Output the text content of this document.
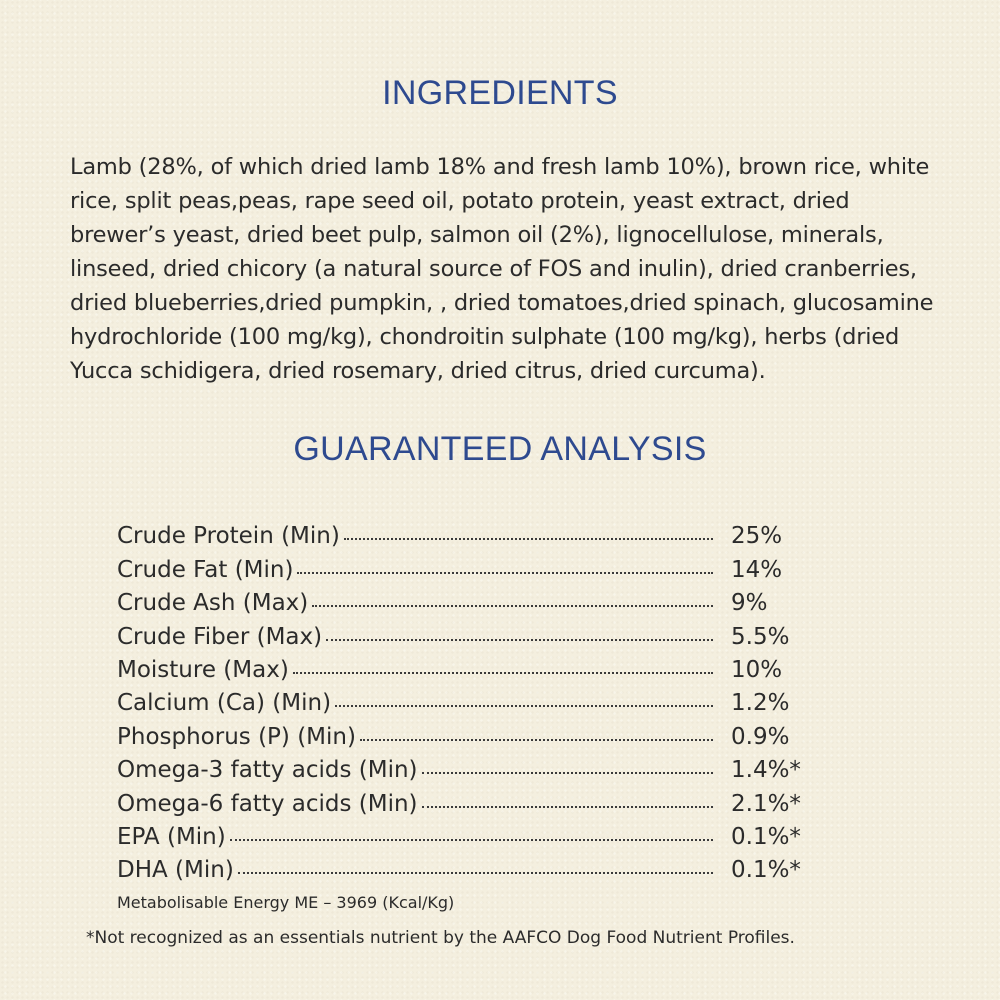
INGREDIENTS

Lamb (28%, of which dried lamb 18% and fresh lamb 10%), brown rice, white rice, split peas,peas, rape seed oil, potato protein, yeast extract, dried brewer’s yeast, dried beet pulp, salmon oil (2%), lignocellulose, minerals, linseed, dried chicory (a natural source of FOS and inulin), dried cranberries, dried blueberries,dried pumpkin, , dried tomatoes,dried spinach, glucosamine hydrochloride (100 mg/kg), chondroitin sulphate (100 mg/kg), herbs (dried Yucca schidigera, dried rosemary, dried citrus, dried curcuma).

GUARANTEED ANALYSIS
Crude Protein (Min)	25%
Crude Fat (Min)	14%
Crude Ash (Max)	9%
Crude Fiber (Max)	5.5%
Moisture (Max)	10%
Calcium (Ca) (Min)	1.2%
Phosphorus (P) (Min)	0.9%
Omega-3 fatty acids (Min)	1.4%*
Omega-6 fatty acids (Min)	2.1%*
EPA (Min)	0.1%*
DHA (Min)	0.1%*

Metabolisable Energy ME – 3969 (Kcal/Kg)

*Not recognized as an essentials nutrient by the AAFCO Dog Food Nutrient Profiles.
